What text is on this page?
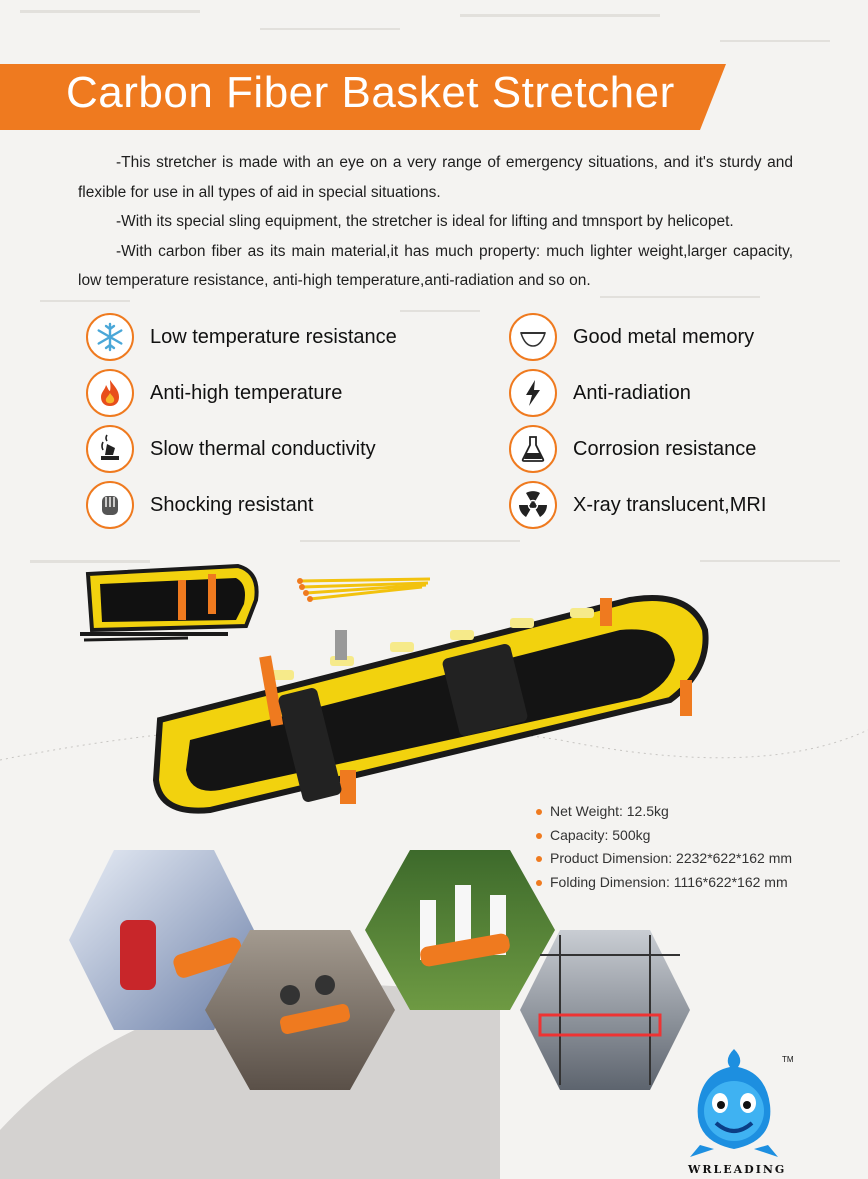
Carbon Fiber Basket Stretcher

-This stretcher is made with an eye on a very range of emergency situations, and it's sturdy and flexible for use in all types of aid in special situations.

-With its special sling equipment, the stretcher is ideal for lifting and tmnsport by helicopet.

-With carbon fiber as its main material,it has much property: much lighter weight,larger capacity, low temperature resistance, anti-high temperature,anti-radiation and so on.

Low temperature resistance
Anti-high temperature
Slow thermal conductivity
Shocking resistant
Good metal memory
Anti-radiation
Corrosion resistance
X-ray translucent,MRI
Net Weight: 12.5kg
Capacity: 500kg
Product Dimension: 2232*622*162 mm
Folding Dimension: 1116*622*162 mm
TM
WRLEADING
